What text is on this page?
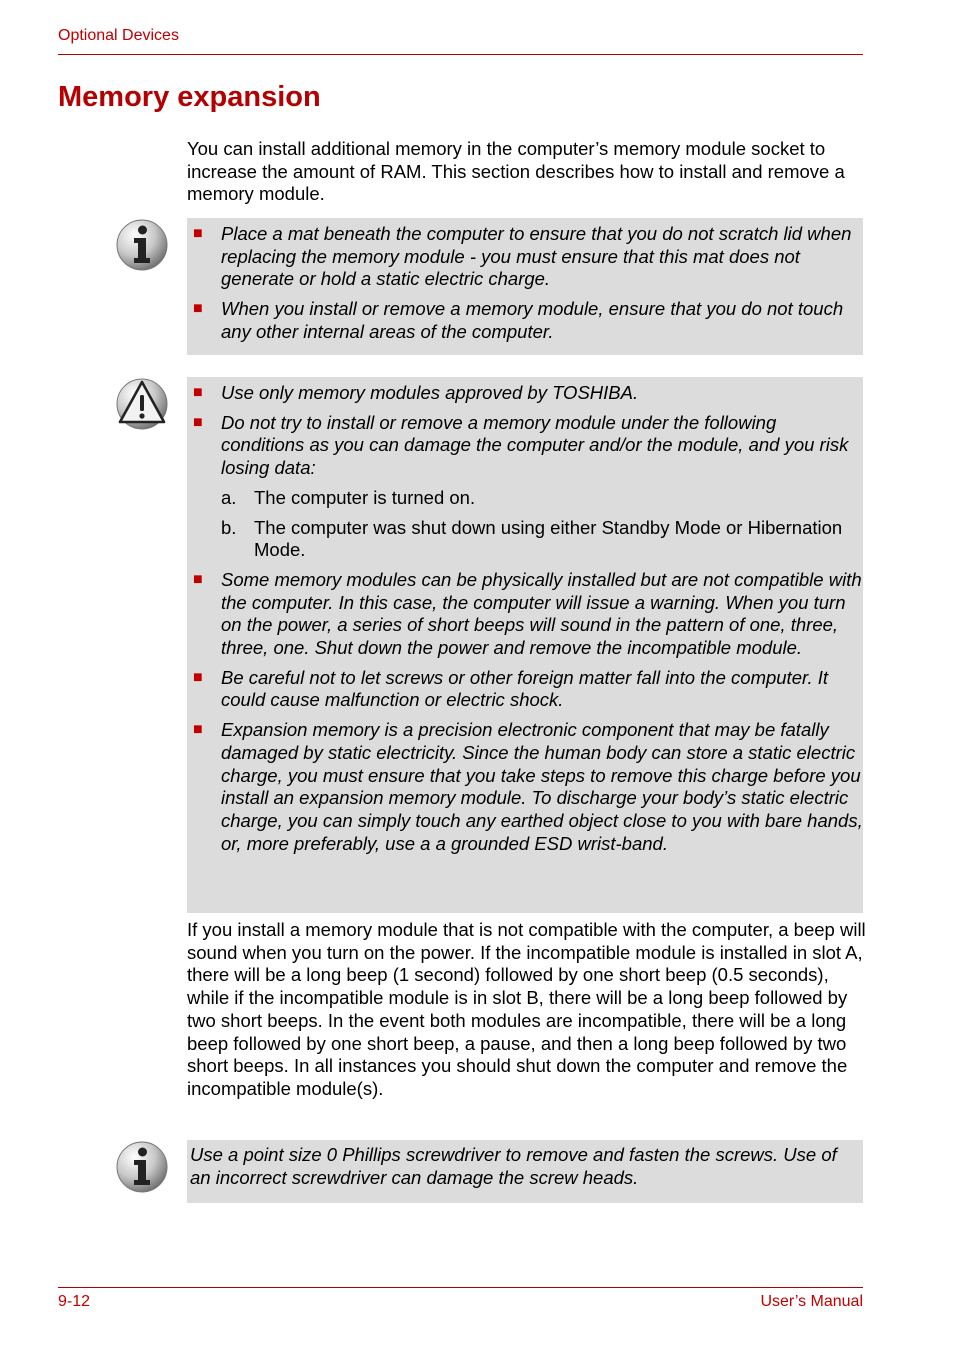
Optional Devices
Memory expansion

You can install additional memory in the computer’s memory module socket to increase the amount of RAM. This section describes how to install and remove a memory module.

■ Place a mat beneath the computer to ensure that you do not scratch lid when replacing the memory module - you must ensure that this mat does not generate or hold a static electric charge.
■ When you install or remove a memory module, ensure that you do not touch any other internal areas of the computer.
■ Use only memory modules approved by TOSHIBA.
■ Do not try to install or remove a memory module under the following conditions as you can damage the computer and/or the module, and you risk losing data:
a. The computer is turned on.
b. The computer was shut down using either Standby Mode or Hibernation Mode.
■ Some memory modules can be physically installed but are not compatible with the computer. In this case, the computer will issue a warning. When you turn on the power, a series of short beeps will sound in the pattern of one, three, three, one. Shut down the power and remove the incompatible module.
■ Be careful not to let screws or other foreign matter fall into the computer. It could cause malfunction or electric shock.
■ Expansion memory is a precision electronic component that may be fatally damaged by static electricity. Since the human body can store a static electric charge, you must ensure that you take steps to remove this charge before you install an expansion memory module. To discharge your body’s static electric charge, you can simply touch any earthed object close to you with bare hands, or, more preferably, use a a grounded ESD wrist-band.

If you install a memory module that is not compatible with the computer, a beep will sound when you turn on the power. If the incompatible module is installed in slot A, there will be a long beep (1 second) followed by one short beep (0.5 seconds), while if the incompatible module is in slot B, there will be a long beep followed by two short beeps. In the event both modules are incompatible, there will be a long beep followed by one short beep, a pause, and then a long beep followed by two short beeps. In all instances you should shut down the computer and remove the incompatible module(s).

Use a point size 0 Phillips screwdriver to remove and fasten the screws. Use of an incorrect screwdriver can damage the screw heads.
9-12	User’s Manual
